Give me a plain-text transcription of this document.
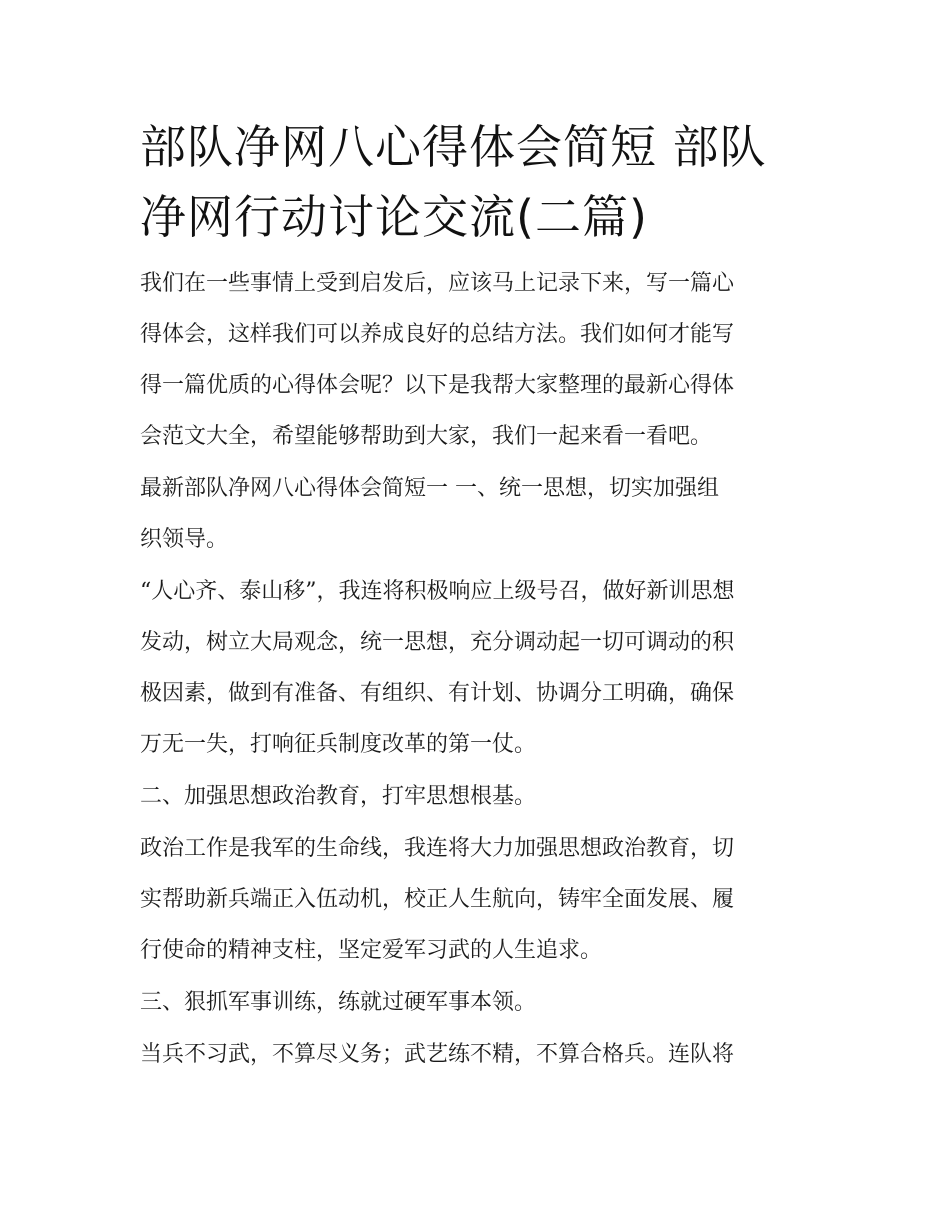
部队净网八心得体会简短 部队
净网行动讨论交流(二篇)

我们在一些事情上受到启发后，应该马上记录下来，写一篇心
得体会，这样我们可以养成良好的总结方法。我们如何才能写
得一篇优质的心得体会呢？以下是我帮大家整理的最新心得体
会范文大全，希望能够帮助到大家，我们一起来看一看吧。

最新部队净网八心得体会简短一 一、统一思想，切实加强组
织领导。

“人心齐、泰山移”，我连将积极响应上级号召，做好新训思想
发动，树立大局观念，统一思想，充分调动起一切可调动的积
极因素，做到有准备、有组织、有计划、协调分工明确，确保
万无一失，打响征兵制度改革的第一仗。

二、加强思想政治教育，打牢思想根基。

政治工作是我军的生命线，我连将大力加强思想政治教育，切
实帮助新兵端正入伍动机，校正人生航向，铸牢全面发展、履
行使命的精神支柱，坚定爱军习武的人生追求。

三、狠抓军事训练，练就过硬军事本领。

当兵不习武，不算尽义务；武艺练不精，不算合格兵。连队将
